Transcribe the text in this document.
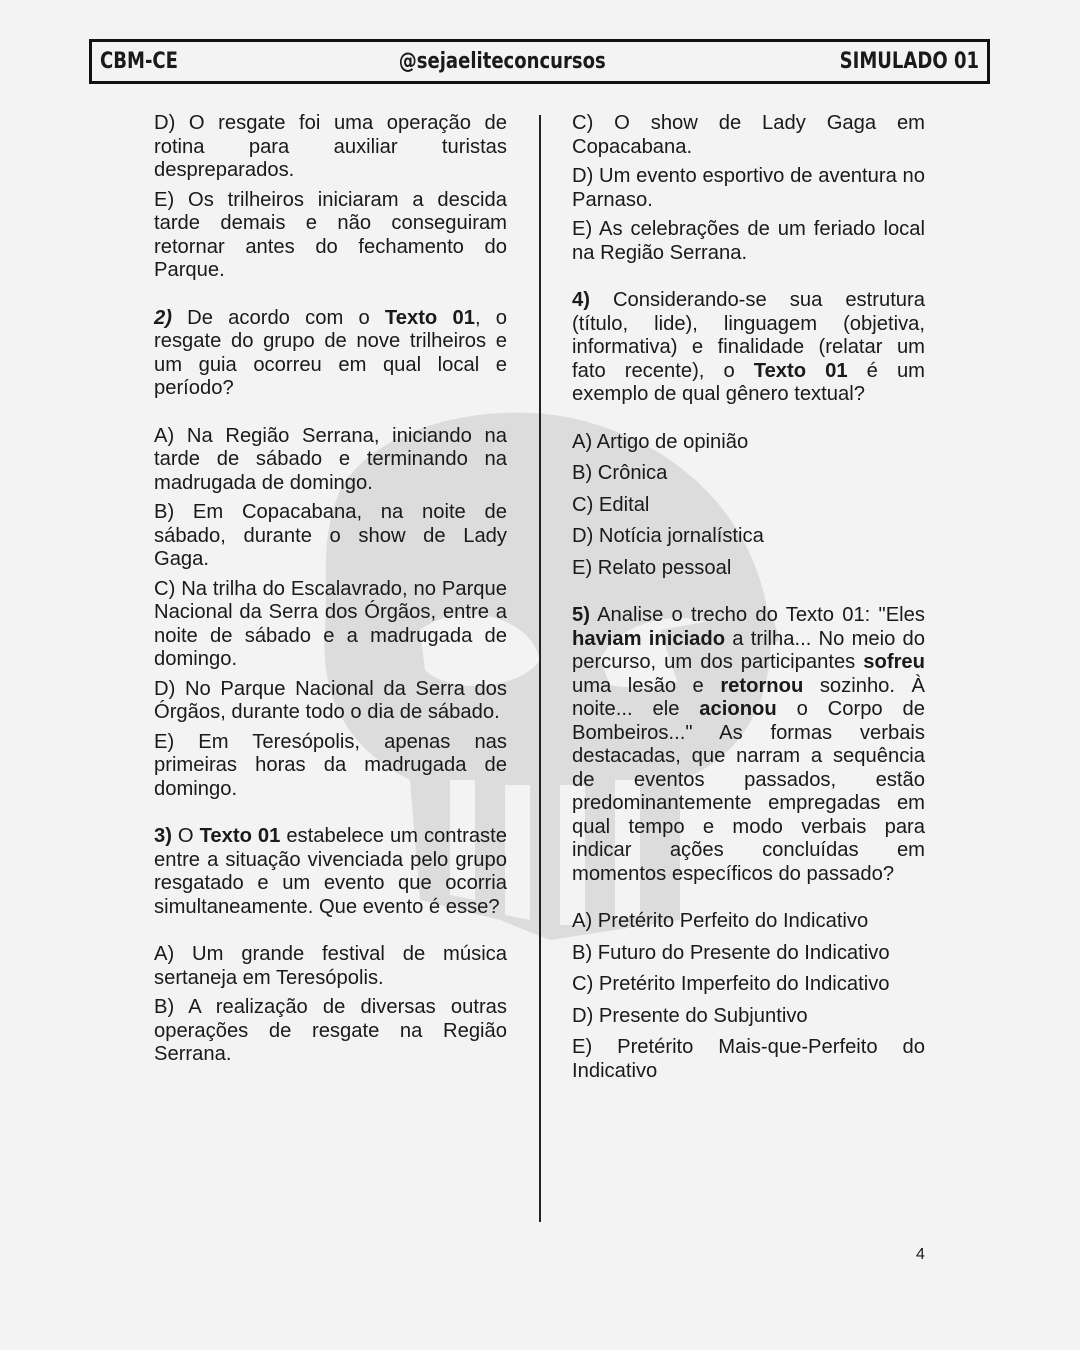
CBM-CE	@sejaeliteconcursos	SIMULADO 01

D) O resgate foi uma operação de rotina para auxiliar turistas despreparados.

E) Os trilheiros iniciaram a descida tarde demais e não conseguiram retornar antes do fechamento do Parque.

2) De acordo com o Texto 01, o resgate do grupo de nove trilheiros e um guia ocorreu em qual local e período?

A) Na Região Serrana, iniciando na tarde de sábado e terminando na madrugada de domingo.

B) Em Copacabana, na noite de sábado, durante o show de Lady Gaga.

C) Na trilha do Escalavrado, no Parque Nacional da Serra dos Órgãos, entre a noite de sábado e a madrugada de domingo.

D) No Parque Nacional da Serra dos Órgãos, durante todo o dia de sábado.

E) Em Teresópolis, apenas nas primeiras horas da madrugada de domingo.

3) O Texto 01 estabelece um contraste entre a situação vivenciada pelo grupo resgatado e um evento que ocorria simultaneamente. Que evento é esse?

A) Um grande festival de música sertaneja em Teresópolis.

B) A realização de diversas outras operações de resgate na Região Serrana.

C) O show de Lady Gaga em Copacabana.

D) Um evento esportivo de aventura no Parnaso.

E) As celebrações de um feriado local na Região Serrana.

4) Considerando-se sua estrutura (título, lide), linguagem (objetiva, informativa) e finalidade (relatar um fato recente), o Texto 01 é um exemplo de qual gênero textual?

A) Artigo de opinião

B) Crônica

C) Edital

D) Notícia jornalística

E) Relato pessoal

5) Analise o trecho do Texto 01: "Eles haviam iniciado a trilha... No meio do percurso, um dos participantes sofreu uma lesão e retornou sozinho. À noite... ele acionou o Corpo de Bombeiros..." As formas verbais destacadas, que narram a sequência de eventos passados, estão predominantemente empregadas em qual tempo e modo verbais para indicar ações concluídas em momentos específicos do passado?

A) Pretérito Perfeito do Indicativo

B) Futuro do Presente do Indicativo

C) Pretérito Imperfeito do Indicativo

D) Presente do Subjuntivo

E) Pretérito Mais-que-Perfeito do Indicativo

4
